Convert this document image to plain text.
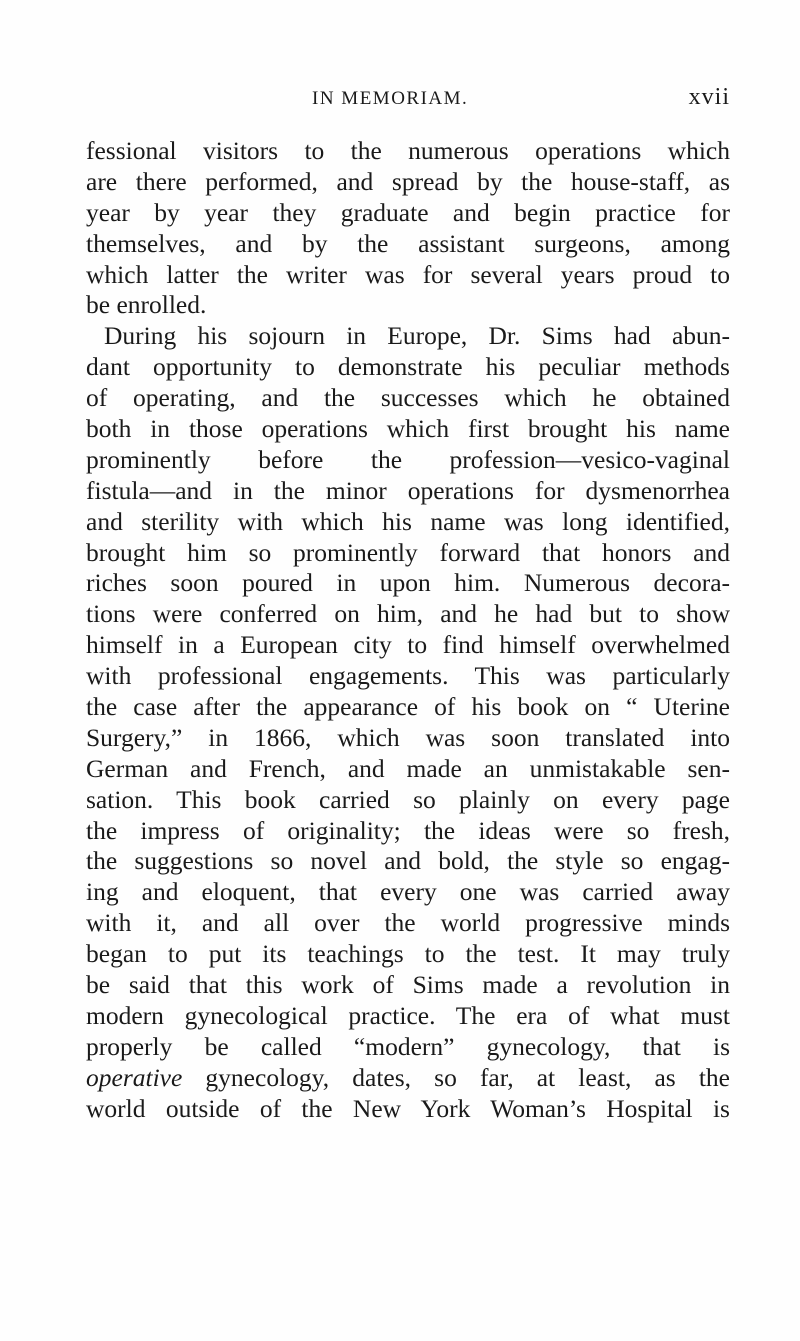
IN MEMORIAM.	xvii
fessional visitors to the numerous operations which
are there performed, and spread by the house-staff, as
year by year they graduate and begin practice for
themselves, and by the assistant surgeons, among
which latter the writer was for several years proud to
be enrolled.
During his sojourn in Europe, Dr. Sims had abun-
dant opportunity to demonstrate his peculiar methods
of operating, and the successes which he obtained
both in those operations which first brought his name
prominently before the profession—vesico-vaginal
fistula—and in the minor operations for dysmenorrhea
and sterility with which his name was long identified,
brought him so prominently forward that honors and
riches soon poured in upon him. Numerous decora-
tions were conferred on him, and he had but to show
himself in a European city to find himself overwhelmed
with professional engagements. This was particularly
the case after the appearance of his book on “ Uterine
Surgery,” in 1866, which was soon translated into
German and French, and made an unmistakable sen-
sation. This book carried so plainly on every page
the impress of originality; the ideas were so fresh,
the suggestions so novel and bold, the style so engag-
ing and eloquent, that every one was carried away
with it, and all over the world progressive minds
began to put its teachings to the test. It may truly
be said that this work of Sims made a revolution in
modern gynecological practice. The era of what must
properly be called “modern” gynecology, that is
operative gynecology, dates, so far, at least, as the
world outside of the New York Woman’s Hospital is
